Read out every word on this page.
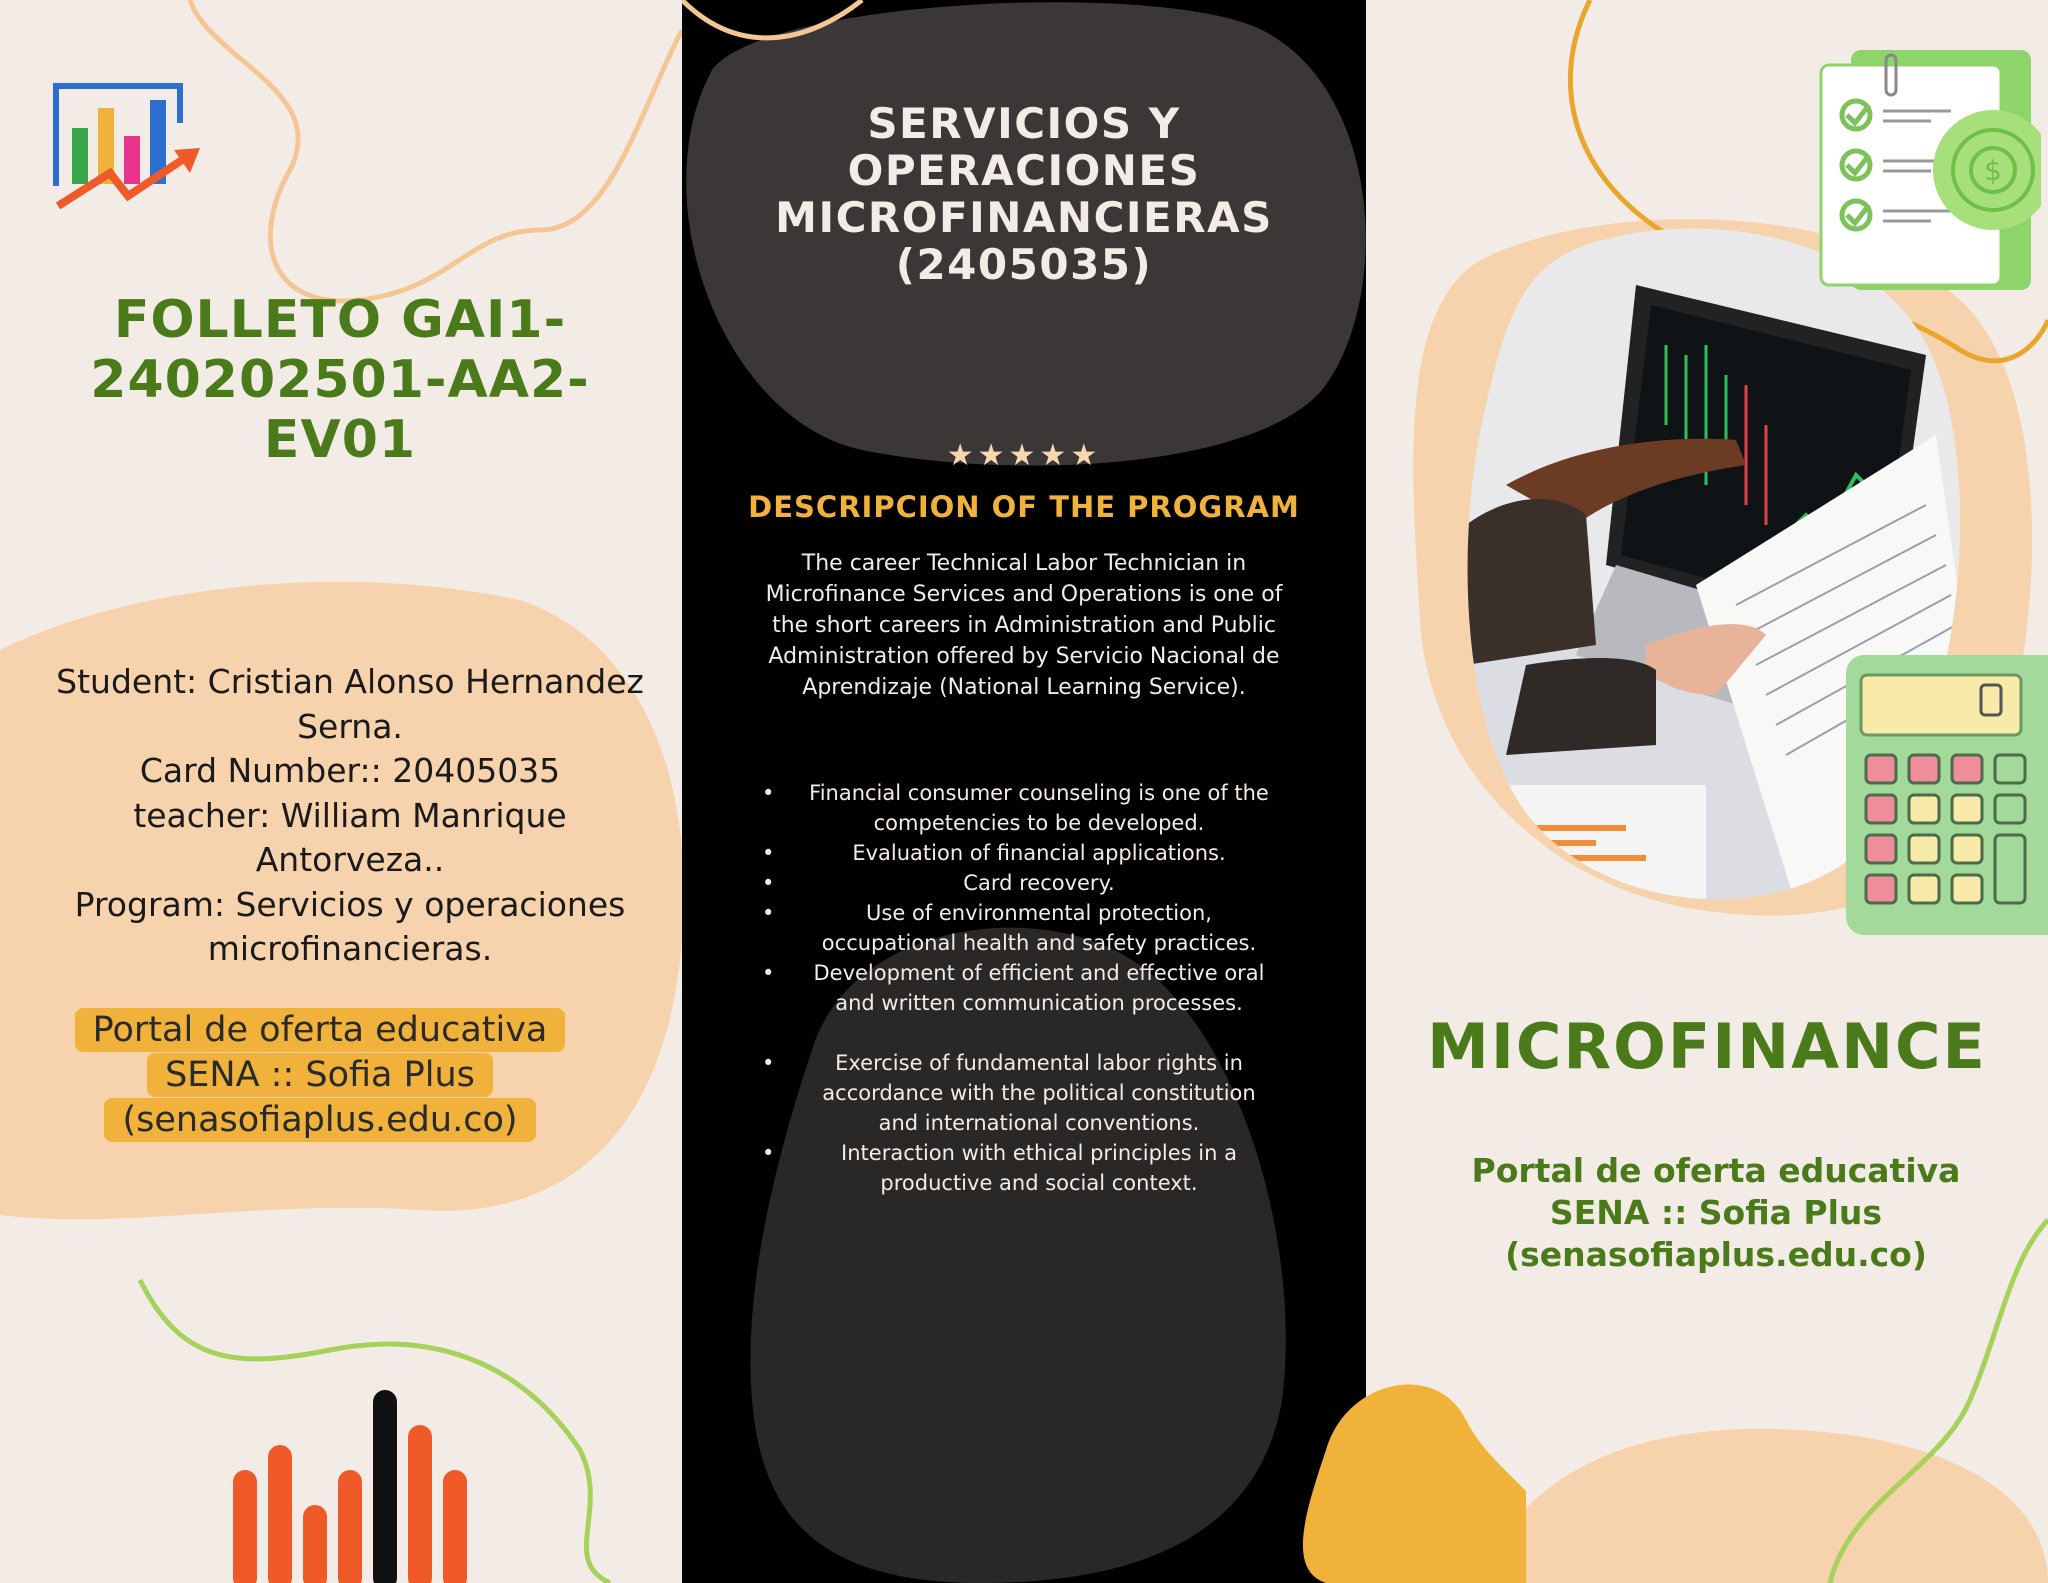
FOLLETO GAI1-240202501-AA2-EV01
Student: Cristian Alonso Hernandez Serna.
Card Number:: 20405035
teacher: William Manrique Antorveza..
Program: Servicios y operaciones microfinancieras.
Portal de oferta educativa SENA :: Sofia Plus (senasofiaplus.edu.co)
SERVICIOS Y OPERACIONES MICROFINANCIERAS (2405035)
★★★★★
DESCRIPCION OF THE PROGRAM
The career Technical Labor Technician in Microfinance Services and Operations is one of the short careers in Administration and Public Administration offered by Servicio Nacional de Aprendizaje (National Learning Service).
• Financial consumer counseling is one of the competencies to be developed.
• Evaluation of financial applications.
• Card recovery.
• Use of environmental protection, occupational health and safety practices.
• Development of efficient and effective oral and written communication processes.
• Exercise of fundamental labor rights in accordance with the political constitution and international conventions.
• Interaction with ethical principles in a productive and social context.
$
MICROFINANCE
Portal de oferta educativa SENA :: Sofia Plus (senasofiaplus.edu.co)
